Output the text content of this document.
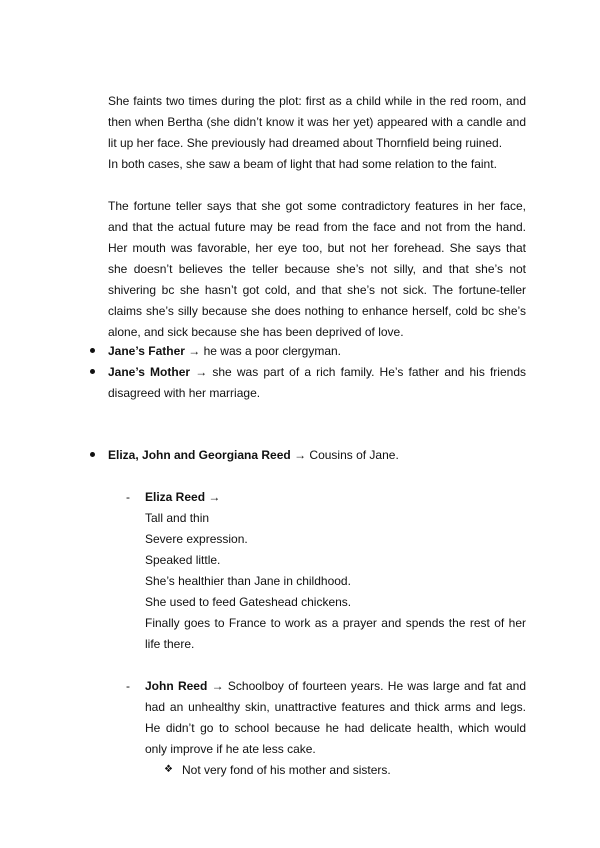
She faints two times during the plot: first as a child while in the red room, and
then when Bertha (she didn’t know it was her yet) appeared with a candle and
lit up her face. She previously had dreamed about Thornfield being ruined.
In both cases, she saw a beam of light that had some relation to the faint.
The fortune teller says that she got some contradictory features in her face,
and that the actual future may be read from the face and not from the hand.
Her mouth was favorable, her eye too, but not her forehead. She says that
she doesn’t believes the teller because she’s not silly, and that she’s not
shivering bc she hasn’t got cold, and that she’s not sick. The fortune-teller
claims she’s silly because she does nothing to enhance herself, cold bc she’s
alone, and sick because she has been deprived of love.
Jane’s Father → he was a poor clergyman.
Jane’s Mother → she was part of a rich family. He’s father and his friends
disagreed with her marriage.
Eliza, John and Georgiana Reed → Cousins of Jane.
- Eliza Reed →
Tall and thin
Severe expression.
Speaked little.
She’s healthier than Jane in childhood.
She used to feed Gateshead chickens.
Finally goes to France to work as a prayer and spends the rest of her
life there.
- John Reed → Schoolboy of fourteen years. He was large and fat and
had an unhealthy skin, unattractive features and thick arms and legs.
He didn’t go to school because he had delicate health, which would
only improve if he ate less cake.
❖ Not very fond of his mother and sisters.
